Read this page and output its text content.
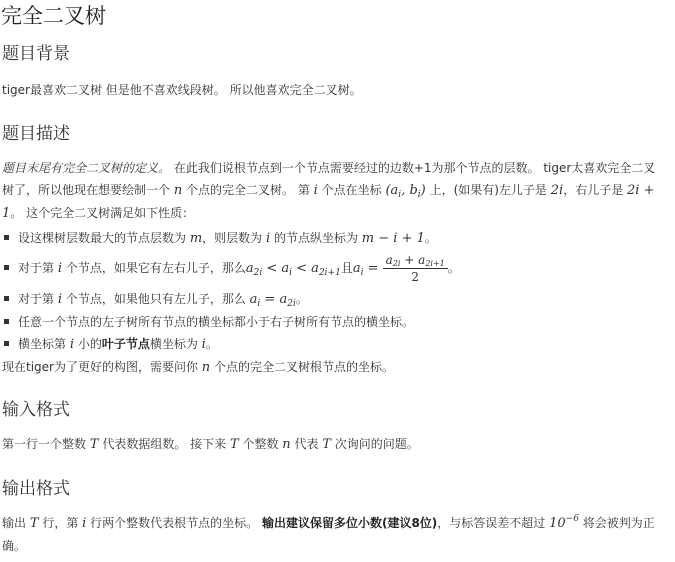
完全二叉树
题目背景
tiger最喜欢二叉树 但是他不喜欢线段树。 所以他喜欢完全二叉树。
题目描述
题目末尾有完全二叉树的定义。 在此我们说根节点到一个节点需要经过的边数+1为那个节点的层数。 tiger太喜欢完全二叉树了，所以他现在想要绘制一个 n 个点的完全二叉树。 第 i 个点在坐标 ($a_i$, $b_i$) 上，(如果有)左儿子是 2i，右儿子是 2i + 1。 这个完全二叉树满足如下性质：
设这棵树层数最大的节点层数为 m，则层数为 i 的节点纵坐标为 m − i + 1。
对于第 i 个节点，如果它有左右儿子，那么$a_{2i} < a_i < a_{2i+1}$且$a_i = \frac{a_{2i} + a_{2i+1}}{2}$ 。
对于第 i 个节点，如果他只有左儿子，那么 $a_i = a_{2i}$。
任意一个节点的左子树所有节点的横坐标都小于右子树所有节点的横坐标。
横坐标第 i 小的叶子节点横坐标为 i。
现在tiger为了更好的构图，需要问你 n 个点的完全二叉树根节点的坐标。
输入格式
第一行一个整数 T 代表数据组数。 接下来 T 个整数 n 代表 T 次询问的问题。
输出格式
输出 T 行，第 i 行两个整数代表根节点的坐标。 输出建议保留多位小数(建议8位)，与标答误差不超过 $10^{-6}$ 将会被判为正确。
